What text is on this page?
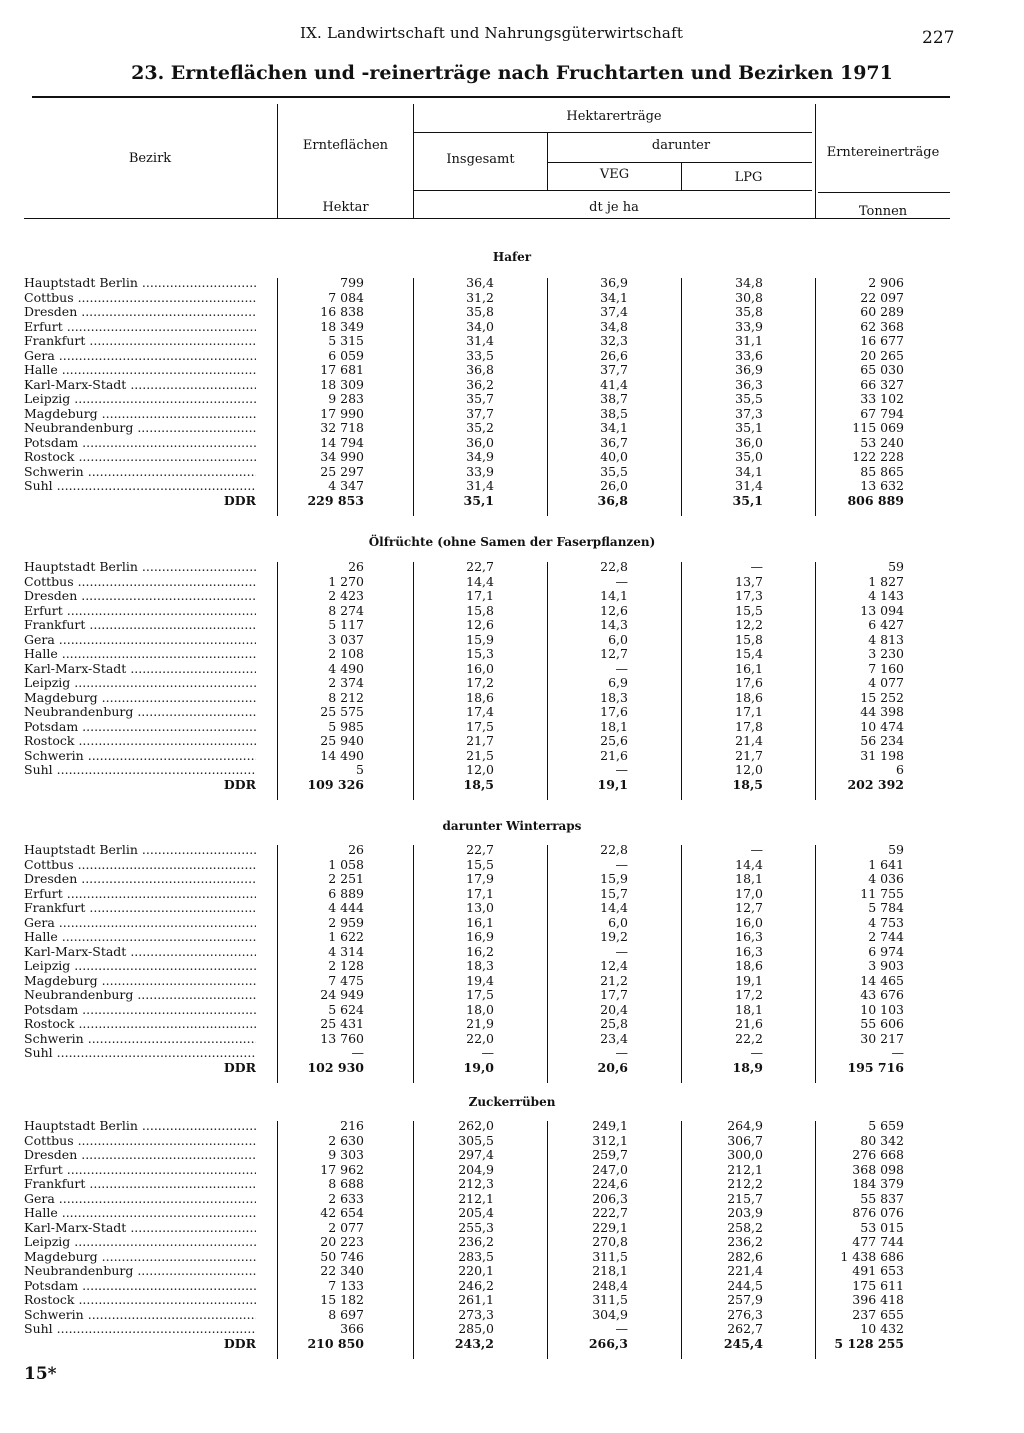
IX. Landwirtschaft und Nahrungsgüterwirtschaft	227
23. Ernteflächen und -reinerträge nach Fruchtarten und Bezirken 1971
Bezirk
Ernteflächen
Hektar
Hektarerträge
Insgesamt
darunter
VEG	LPG
dt je ha
Erntereinerträge
Tonnen
Hafer
Hauptstadt Berlin .....	799	36,4	36,9	34,8	2 906
Cottbus .....	7 084	31,2	34,1	30,8	22 097
Dresden .....	16 838	35,8	37,4	35,8	60 289
Erfurt .....	18 349	34,0	34,8	33,9	62 368
Frankfurt .....	5 315	31,4	32,3	31,1	16 677
Gera .....	6 059	33,5	26,6	33,6	20 265
Halle .....	17 681	36,8	37,7	36,9	65 030
Karl-Marx-Stadt .....	18 309	36,2	41,4	36,3	66 327
Leipzig .....	9 283	35,7	38,7	35,5	33 102
Magdeburg .....	17 990	37,7	38,5	37,3	67 794
Neubrandenburg .....	32 718	35,2	34,1	35,1	115 069
Potsdam .....	14 794	36,0	36,7	36,0	53 240
Rostock .....	34 990	34,9	40,0	35,0	122 228
Schwerin .....	25 297	33,9	35,5	34,1	85 865
Suhl .....	4 347	31,4	26,0	31,4	13 632
DDR	229 853	35,1	36,8	35,1	806 889
Ölfrüchte (ohne Samen der Faserpflanzen)
Hauptstadt Berlin .....	26	22,7	22,8	—	59
Cottbus .....	1 270	14,4	—	13,7	1 827
Dresden .....	2 423	17,1	14,1	17,3	4 143
Erfurt .....	8 274	15,8	12,6	15,5	13 094
Frankfurt .....	5 117	12,6	14,3	12,2	6 427
Gera .....	3 037	15,9	6,0	15,8	4 813
Halle .....	2 108	15,3	12,7	15,4	3 230
Karl-Marx-Stadt .....	4 490	16,0	—	16,1	7 160
Leipzig .....	2 374	17,2	6,9	17,6	4 077
Magdeburg .....	8 212	18,6	18,3	18,6	15 252
Neubrandenburg .....	25 575	17,4	17,6	17,1	44 398
Potsdam .....	5 985	17,5	18,1	17,8	10 474
Rostock .....	25 940	21,7	25,6	21,4	56 234
Schwerin .....	14 490	21,5	21,6	21,7	31 198
Suhl .....	5	12,0	—	12,0	6
DDR	109 326	18,5	19,1	18,5	202 392
darunter Winterraps
Hauptstadt Berlin .....	26	22,7	22,8	—	59
Cottbus .....	1 058	15,5	—	14,4	1 641
Dresden .....	2 251	17,9	15,9	18,1	4 036
Erfurt .....	6 889	17,1	15,7	17,0	11 755
Frankfurt .....	4 444	13,0	14,4	12,7	5 784
Gera .....	2 959	16,1	6,0	16,0	4 753
Halle .....	1 622	16,9	19,2	16,3	2 744
Karl-Marx-Stadt .....	4 314	16,2	—	16,3	6 974
Leipzig .....	2 128	18,3	12,4	18,6	3 903
Magdeburg .....	7 475	19,4	21,2	19,1	14 465
Neubrandenburg .....	24 949	17,5	17,7	17,2	43 676
Potsdam .....	5 624	18,0	20,4	18,1	10 103
Rostock .....	25 431	21,9	25,8	21,6	55 606
Schwerin .....	13 760	22,0	23,4	22,2	30 217
Suhl .....	—	—	—	—	—
DDR	102 930	19,0	20,6	18,9	195 716
Zuckerrüben
Hauptstadt Berlin .....	216	262,0	249,1	264,9	5 659
Cottbus .....	2 630	305,5	312,1	306,7	80 342
Dresden .....	9 303	297,4	259,7	300,0	276 668
Erfurt .....	17 962	204,9	247,0	212,1	368 098
Frankfurt .....	8 688	212,3	224,6	212,2	184 379
Gera .....	2 633	212,1	206,3	215,7	55 837
Halle .....	42 654	205,4	222,7	203,9	876 076
Karl-Marx-Stadt .....	2 077	255,3	229,1	258,2	53 015
Leipzig .....	20 223	236,2	270,8	236,2	477 744
Magdeburg .....	50 746	283,5	311,5	282,6	1 438 686
Neubrandenburg .....	22 340	220,1	218,1	221,4	491 653
Potsdam .....	7 133	246,2	248,4	244,5	175 611
Rostock .....	15 182	261,1	311,5	257,9	396 418
Schwerin .....	8 697	273,3	304,9	276,3	237 655
Suhl .....	366	285,0	—	262,7	10 432
DDR	210 850	243,2	266,3	245,4	5 128 255
15*
